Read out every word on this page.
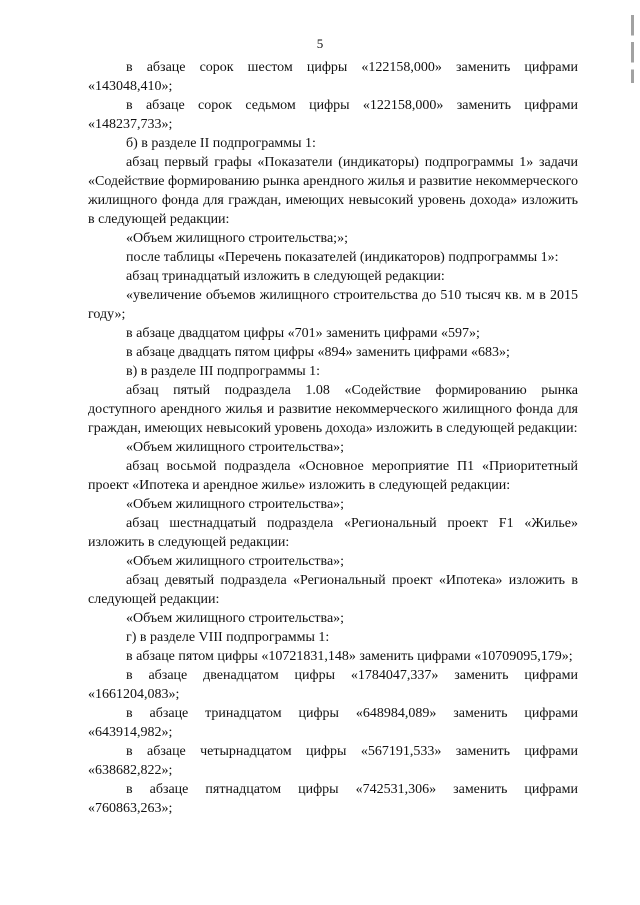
5

в абзаце сорок шестом цифры «122158,000» заменить цифрами «143048,410»;

в абзаце сорок седьмом цифры «122158,000» заменить цифрами «148237,733»;

б) в разделе II подпрограммы 1:

абзац первый графы «Показатели (индикаторы) подпрограммы 1» задачи «Содействие формированию рынка арендного жилья и развитие некоммерческого жилищного фонда для граждан, имеющих невысокий уровень дохода» изложить в следующей редакции:

«Объем жилищного строительства;»;

после таблицы «Перечень показателей (индикаторов) подпрограммы 1»:

абзац тринадцатый изложить в следующей редакции:

«увеличение объемов жилищного строительства до 510 тысяч кв. м в 2015 году»;

в абзаце двадцатом цифры «701» заменить цифрами «597»;

в абзаце двадцать пятом цифры «894» заменить цифрами «683»;

в) в разделе III подпрограммы 1:

абзац пятый подраздела 1.08 «Содействие формированию рынка доступного арендного жилья и развитие некоммерческого жилищного фонда для граждан, имеющих невысокий уровень дохода» изложить в следующей редакции:

«Объем жилищного строительства»;

абзац восьмой подраздела «Основное мероприятие П1 «Приоритетный проект «Ипотека и арендное жилье» изложить в следующей редакции:

«Объем жилищного строительства»;

абзац шестнадцатый подраздела «Региональный проект F1 «Жилье» изложить в следующей редакции:

«Объем жилищного строительства»;

абзац девятый подраздела «Региональный проект «Ипотека» изложить в следующей редакции:

«Объем жилищного строительства»;

г) в разделе VIII подпрограммы 1:

в абзаце пятом цифры «10721831,148» заменить цифрами «10709095,179»;

в абзаце двенадцатом цифры «1784047,337» заменить цифрами «1661204,083»;

в абзаце тринадцатом цифры «648984,089» заменить цифрами «643914,982»;

в абзаце четырнадцатом цифры «567191,533» заменить цифрами «638682,822»;

в абзаце пятнадцатом цифры «742531,306» заменить цифрами «760863,263»;
